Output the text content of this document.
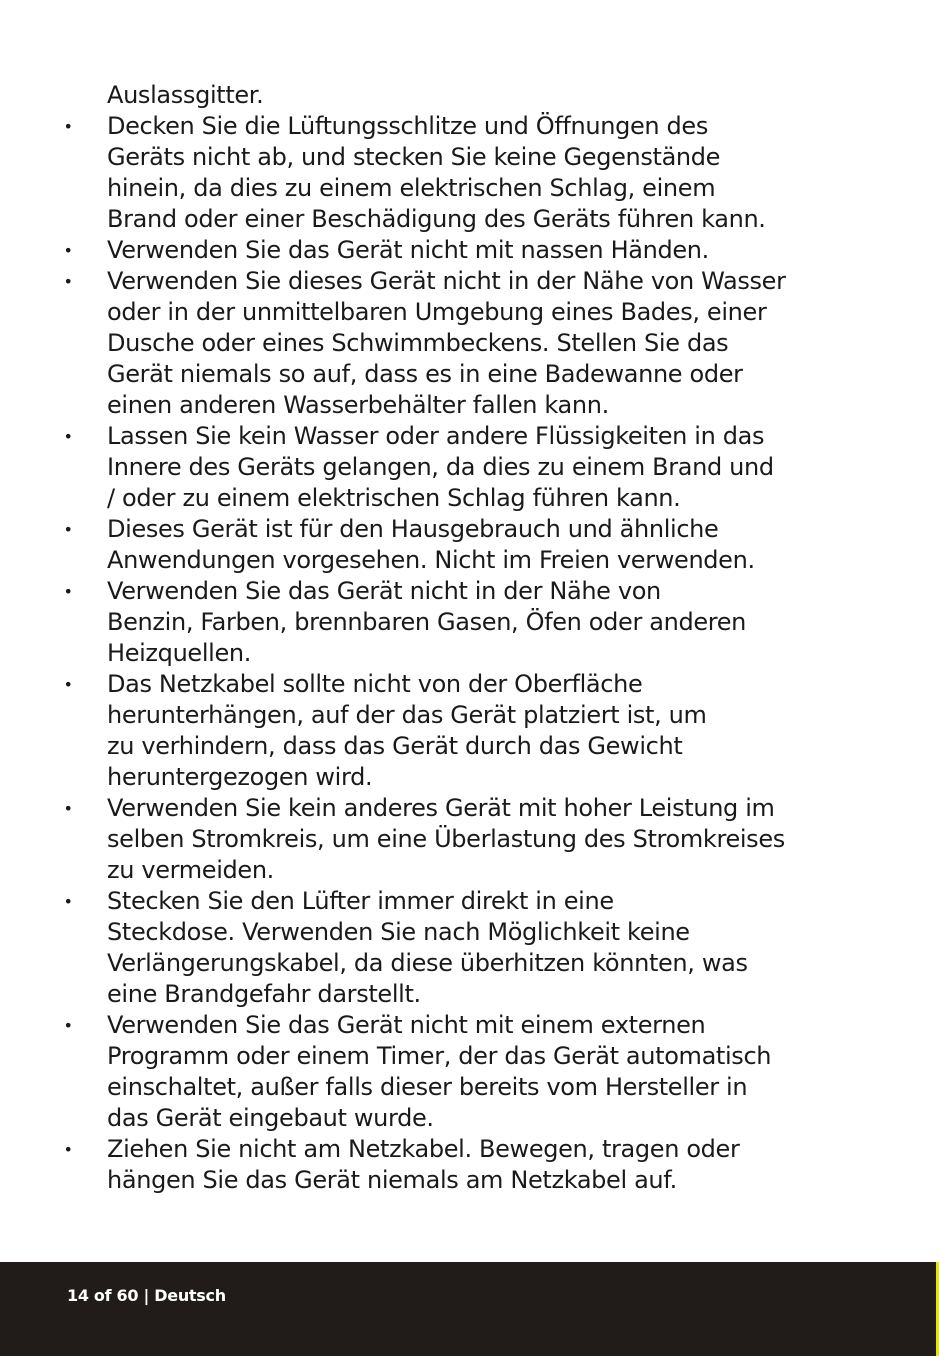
Auslassgitter.
• Decken Sie die Lüftungsschlitze und Öffnungen des
Geräts nicht ab, und stecken Sie keine Gegenstände
hinein, da dies zu einem elektrischen Schlag, einem
Brand oder einer Beschädigung des Geräts führen kann.
• Verwenden Sie das Gerät nicht mit nassen Händen.
• Verwenden Sie dieses Gerät nicht in der Nähe von Wasser
oder in der unmittelbaren Umgebung eines Bades, einer
Dusche oder eines Schwimmbeckens. Stellen Sie das
Gerät niemals so auf, dass es in eine Badewanne oder
einen anderen Wasserbehälter fallen kann.
• Lassen Sie kein Wasser oder andere Flüssigkeiten in das
Innere des Geräts gelangen, da dies zu einem Brand und
/ oder zu einem elektrischen Schlag führen kann.
• Dieses Gerät ist für den Hausgebrauch und ähnliche
Anwendungen vorgesehen. Nicht im Freien verwenden.
• Verwenden Sie das Gerät nicht in der Nähe von
Benzin, Farben, brennbaren Gasen, Öfen oder anderen
Heizquellen.
• Das Netzkabel sollte nicht von der Oberfläche
herunterhängen, auf der das Gerät platziert ist, um
zu verhindern, dass das Gerät durch das Gewicht
heruntergezogen wird.
• Verwenden Sie kein anderes Gerät mit hoher Leistung im
selben Stromkreis, um eine Überlastung des Stromkreises
zu vermeiden.
• Stecken Sie den Lüfter immer direkt in eine
Steckdose. Verwenden Sie nach Möglichkeit keine
Verlängerungskabel, da diese überhitzen könnten, was
eine Brandgefahr darstellt.
• Verwenden Sie das Gerät nicht mit einem externen
Programm oder einem Timer, der das Gerät automatisch
einschaltet, außer falls dieser bereits vom Hersteller in
das Gerät eingebaut wurde.
• Ziehen Sie nicht am Netzkabel. Bewegen, tragen oder
hängen Sie das Gerät niemals am Netzkabel auf.
14 of 60 | Deutsch
